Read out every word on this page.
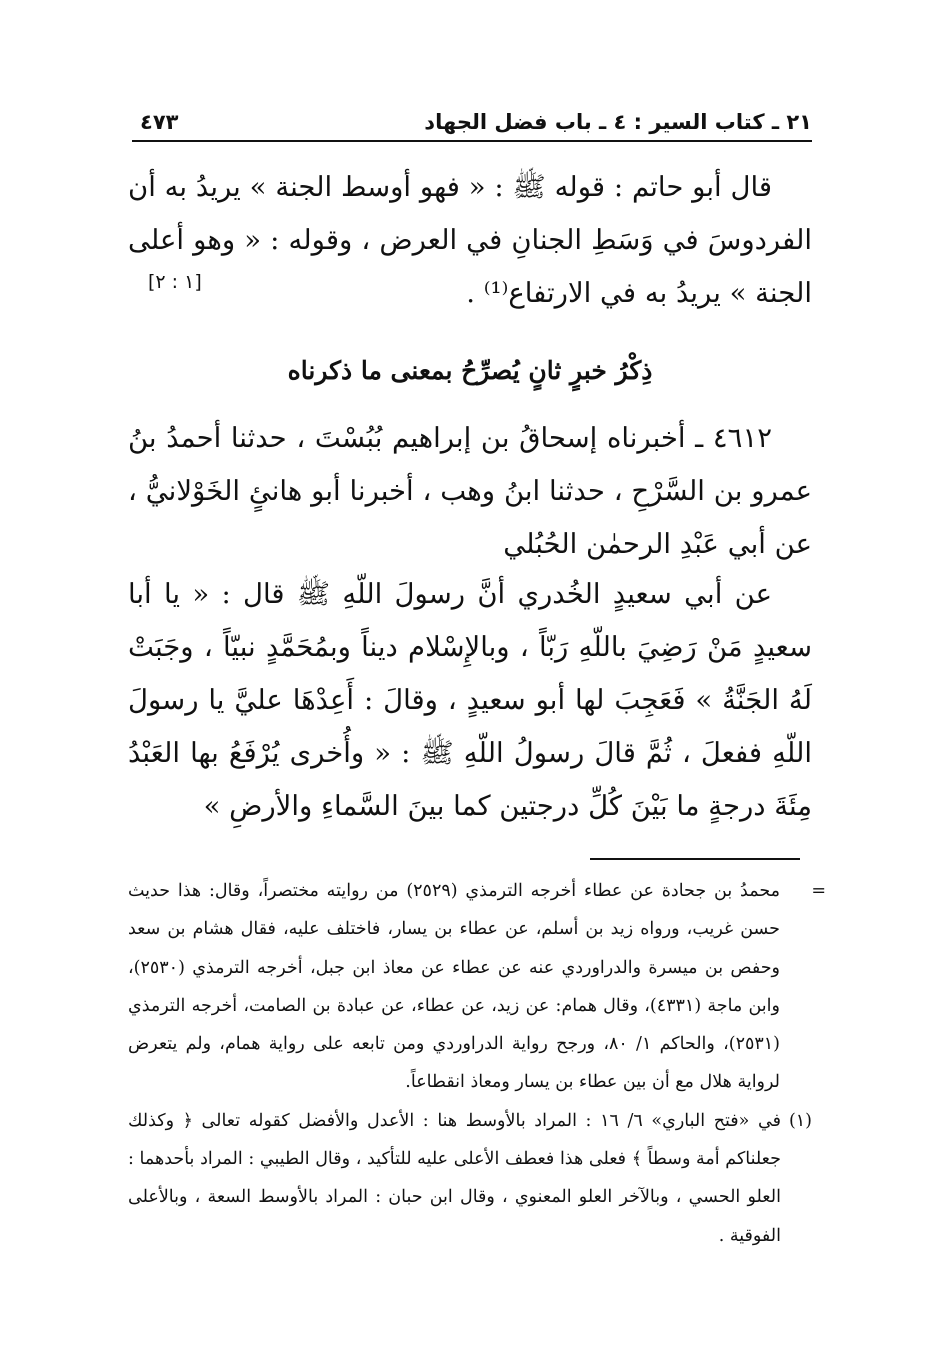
٢١ ـ كتاب السير : ٤ ـ باب فضل الجهاد
٤٧٣

قال أبو حاتم : قوله ﷺ : « فهو أوسط الجنة » يريدُ به أن الفردوسَ في وَسَطِ الجنانِ في العرض ، وقوله : « وهو أعلى الجنة » يريدُ به في الارتفاع⁽¹⁾ .

[١ : ٢]
ذِكْرُ خبرٍ ثانٍ يُصرِّحُ بمعنى ما ذكرناه

٤٦١٢ ـ أخبرناه إسحاقُ بن إبراهيم بُبُسْتَ ، حدثنا أحمدُ بنُ عمرو بن السَّرْحِ ، حدثنا ابنُ وهب ، أخبرنا أبو هانئٍ الخَوْلانيُّ ، عن أبي عَبْدِ الرحمٰن الحُبُلي

عن أبي سعيدٍ الخُدري أنَّ رسولَ اللّهِ ﷺ قال : « يا أبا سعيدٍ مَنْ رَضِيَ باللّهِ رَبّاً ، وبالإِسْلام ديناً وبمُحَمَّدٍ نبيّاً ، وجَبَتْ لَهُ الجَنَّةُ » فَعَجِبَ لها أبو سعيدٍ ، وقالَ : أَعِدْهَا عليَّ يا رسولَ اللّهِ ففعلَ ، ثُمَّ قالَ رسولُ اللّهِ ﷺ : « وأُخرى يُرْفَعُ بها العَبْدُ مِئَةَ درجةٍ ما بَيْنَ كُلِّ درجتين كما بينَ السَّماءِ والأرضِ »

=
محمدُ بن جحادة عن عطاء أخرجه الترمذي (٢٥٢٩) من روايته مختصراً، وقال: هذا حديث حسن غريب، ورواه زيد بن أسلم، عن عطاء بن يسار، فاختلف عليه، فقال هشام بن سعد وحفص بن ميسرة والدراوردي عنه عن عطاء عن معاذ ابن جبل، أخرجه الترمذي (٢٥٣٠)، وابن ماجة (٤٣٣١)، وقال همام: عن زيد، عن عطاء، عن عبادة بن الصامت، أخرجه الترمذي (٢٥٣١)، والحاكم ١/ ٨٠، ورجح رواية الدراوردي ومن تابعه على رواية همام، ولم يتعرض لرواية هلال مع أن بين عطاء بن يسار ومعاذ انقطاعاً.
(١)
في «فتح الباري» ٦/ ١٦ : المراد بالأوسط هنا : الأعدل والأفضل كقوله تعالى ﴿ وكذلك جعلناكم أمة وسطاً ﴾ فعلى هذا فعطف الأعلى عليه للتأكيد ، وقال الطيبي : المراد بأحدهما : العلو الحسي ، وبالآخر العلو المعنوي ، وقال ابن حبان : المراد بالأوسط السعة ، وبالأعلى الفوقية .
